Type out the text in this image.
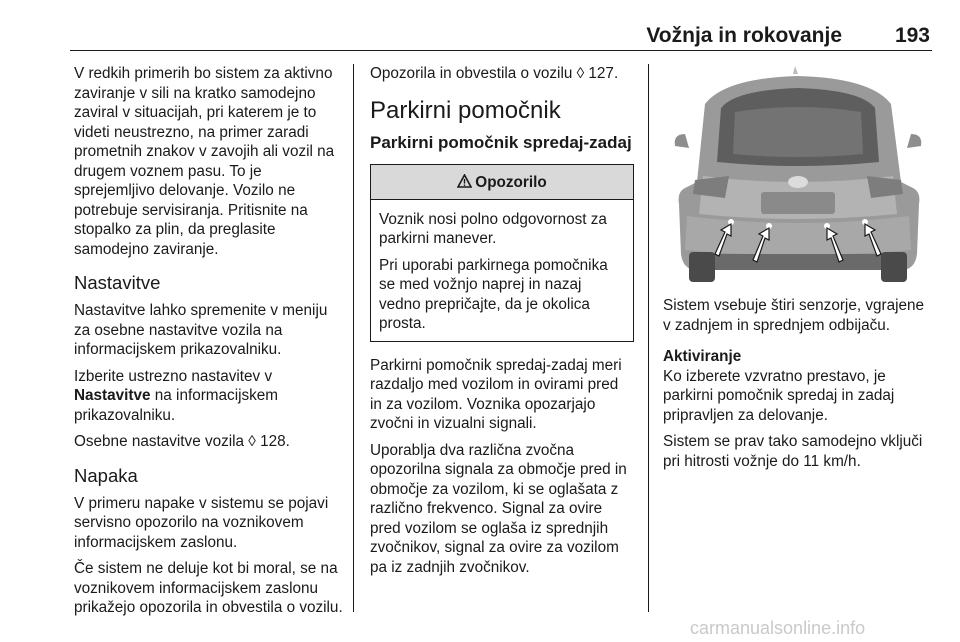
Vožnja in rokovanje	193

V redkih primerih bo sistem za aktivno zaviranje v sili na kratko samodejno zaviral v situacijah, pri katerem je to videti neustrezno, na primer zaradi prometnih znakov v zavojih ali vozil na drugem voznem pasu. To je sprejemljivo delovanje. Vozilo ne potrebuje servisiranja. Pritisnite na stopalko za plin, da preglasite samodejno zaviranje.

Nastavitve

Nastavitve lahko spremenite v meniju za osebne nastavitve vozila na informacijskem prikazovalniku.

Izberite ustrezno nastavitev v Nastavitve na informacijskem prikazovalniku.

Osebne nastavitve vozila ◊ 128.

Napaka

V primeru napake v sistemu se pojavi servisno opozorilo na voznikovem informacijskem zaslonu.

Če sistem ne deluje kot bi moral, se na voznikovem informacijskem zaslonu prikažejo opozorila in obvestila o vozilu.

Opozorila in obvestila o vozilu ◊ 127.

Parkirni pomočnik
Parkirni pomočnik spredaj-zadaj
Opozorilo

Voznik nosi polno odgovornost za parkirni manever.

Pri uporabi parkirnega pomočnika se med vožnjo naprej in nazaj vedno prepričajte, da je okolica prosta.

Parkirni pomočnik spredaj-zadaj meri razdaljo med vozilom in ovirami pred in za vozilom. Voznika opozarjajo zvočni in vizualni signali.

Uporablja dva različna zvočna opozorilna signala za območje pred in območje za vozilom, ki se oglašata z različno frekvenco. Signal za ovire pred vozilom se oglaša iz sprednjih zvočnikov, signal za ovire za vozilom pa iz zadnjih zvočnikov.

Sistem vsebuje štiri senzorje, vgrajene v zadnjem in sprednjem odbijaču.

Aktiviranje

Ko izberete vzvratno prestavo, je parkirni pomočnik spredaj in zadaj pripravljen za delovanje.

Sistem se prav tako samodejno vključi pri hitrosti vožnje do 11 km/h.

carmanualsonline.info
